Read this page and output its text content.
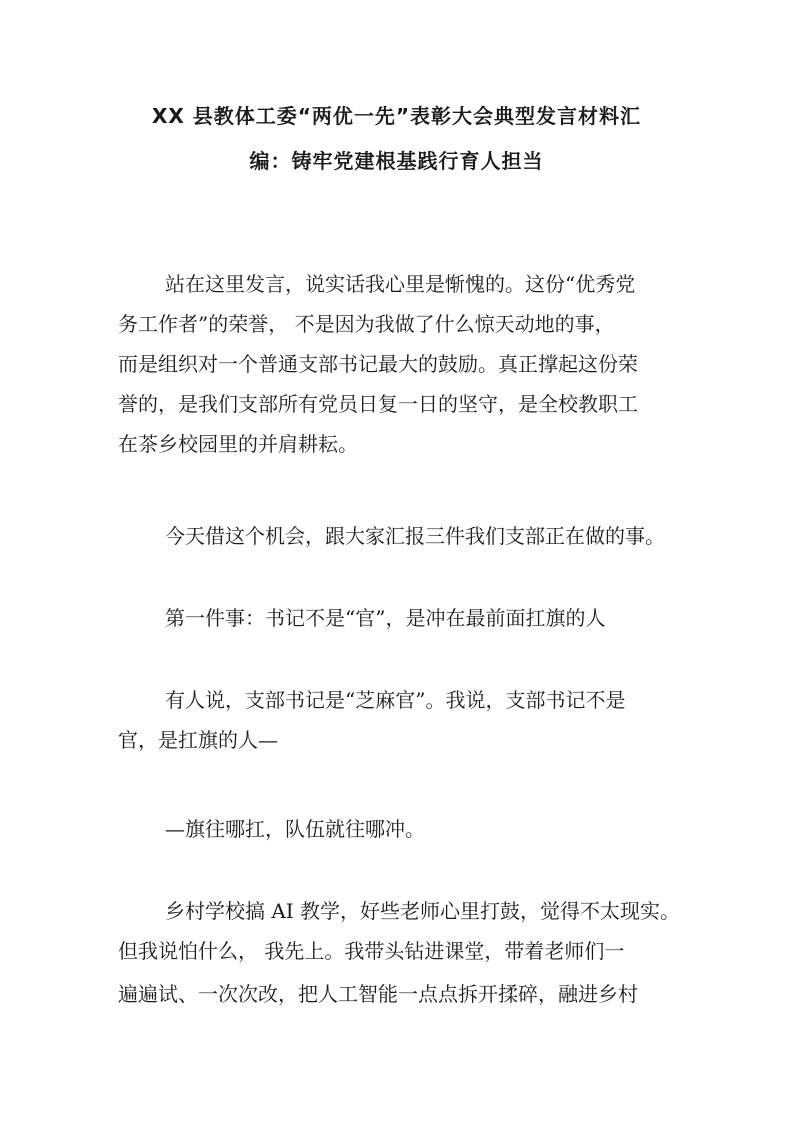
XX 县教体工委“两优一先”表彰大会典型发言材料汇
编：铸牢党建根基践行育人担当

站在这里发言，说实话我心里是惭愧的。这份“优秀党

务工作者”的荣誉， 不是因为我做了什么惊天动地的事，

而是组织对一个普通支部书记最大的鼓励。真正撑起这份荣

誉的，是我们支部所有党员日复一日的坚守，是全校教职工

在茶乡校园里的并肩耕耘。

今天借这个机会，跟大家汇报三件我们支部正在做的事。

第一件事：书记不是“官”，是冲在最前面扛旗的人

有人说，支部书记是“芝麻官”。我说，支部书记不是

官，是扛旗的人—

—旗往哪扛，队伍就往哪冲。

乡村学校搞 AI 教学，好些老师心里打鼓，觉得不太现实。

但我说怕什么， 我先上。我带头钻进课堂，带着老师们一

遍遍试、一次次改，把人工智能一点点拆开揉碎，融进乡村
